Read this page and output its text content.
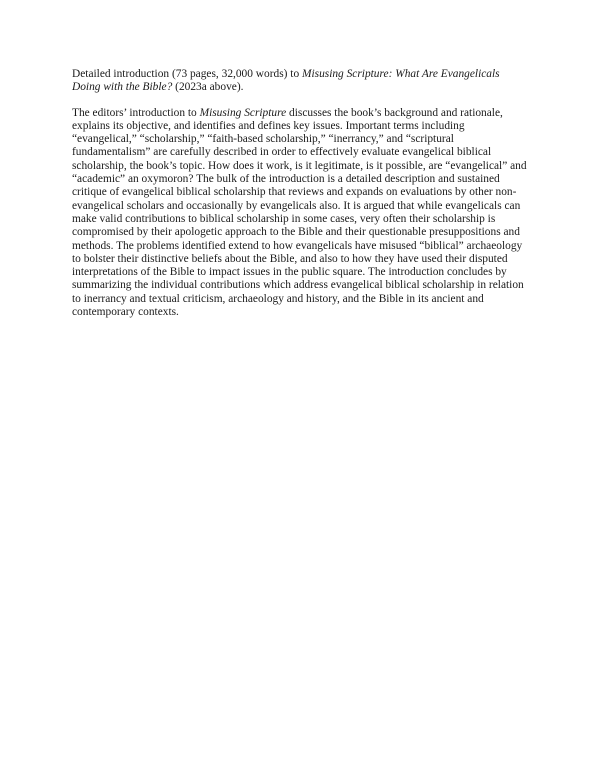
Detailed introduction (73 pages, 32,000 words) to Misusing Scripture: What Are Evangelicals Doing with the Bible? (2023a above).

The editors’ introduction to Misusing Scripture discusses the book’s background and rationale, explains its objective, and identifies and defines key issues. Important terms including “evangelical,” “scholarship,” “faith-based scholarship,” “inerrancy,” and “scriptural fundamentalism” are carefully described in order to effectively evaluate evangelical biblical scholarship, the book’s topic. How does it work, is it legitimate, is it possible, are “evangelical” and “academic” an oxymoron? The bulk of the introduction is a detailed description and sustained critique of evangelical biblical scholarship that reviews and expands on evaluations by other non-evangelical scholars and occasionally by evangelicals also. It is argued that while evangelicals can make valid contributions to biblical scholarship in some cases, very often their scholarship is compromised by their apologetic approach to the Bible and their questionable presuppositions and methods. The problems identified extend to how evangelicals have misused “biblical” archaeology to bolster their distinctive beliefs about the Bible, and also to how they have used their disputed interpretations of the Bible to impact issues in the public square. The introduction concludes by summarizing the individual contributions which address evangelical biblical scholarship in relation to inerrancy and textual criticism, archaeology and history, and the Bible in its ancient and contemporary contexts.
